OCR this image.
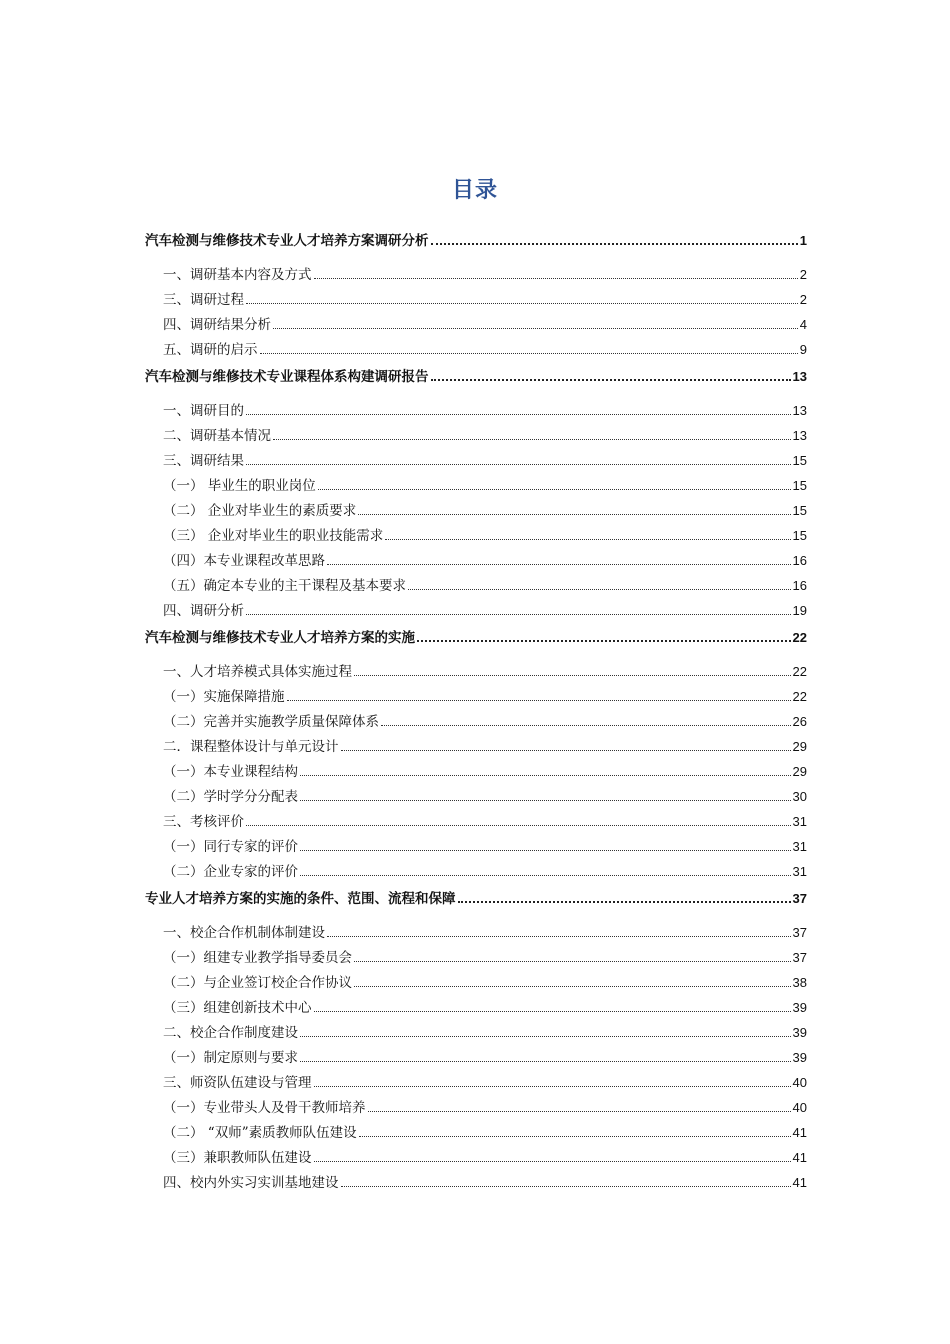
目录
汽车检测与维修技术专业人才培养方案调研分析	1
一、调研基本内容及方式	2
三、调研过程	2
四、调研结果分析	4
五、调研的启示	9
汽车检测与维修技术专业课程体系构建调研报告	13
一、调研目的	13
二、调研基本情况	13
三、调研结果	15
（一） 毕业生的职业岗位	15
（二） 企业对毕业生的素质要求	15
（三） 企业对毕业生的职业技能需求	15
（四）本专业课程改革思路	16
（五）确定本专业的主干课程及基本要求	16
四、调研分析	19
汽车检测与维修技术专业人才培养方案的实施	22
一、人才培养模式具体实施过程	22
（一）实施保障措施	22
（二）完善并实施教学质量保障体系	26
二．课程整体设计与单元设计	29
（一）本专业课程结构	29
（二）学时学分分配表	30
三、考核评价	31
（一）同行专家的评价	31
（二）企业专家的评价	31
专业人才培养方案的实施的条件、范围、流程和保障	37
一、校企合作机制体制建设	37
（一）组建专业教学指导委员会	37
（二）与企业签订校企合作协议	38
（三）组建创新技术中心	39
二、校企合作制度建设	39
（一）制定原则与要求	39
三、师资队伍建设与管理	40
（一）专业带头人及骨干教师培养	40
（二） “双师”素质教师队伍建设	41
（三）兼职教师队伍建设	41
四、校内外实习实训基地建设	41
